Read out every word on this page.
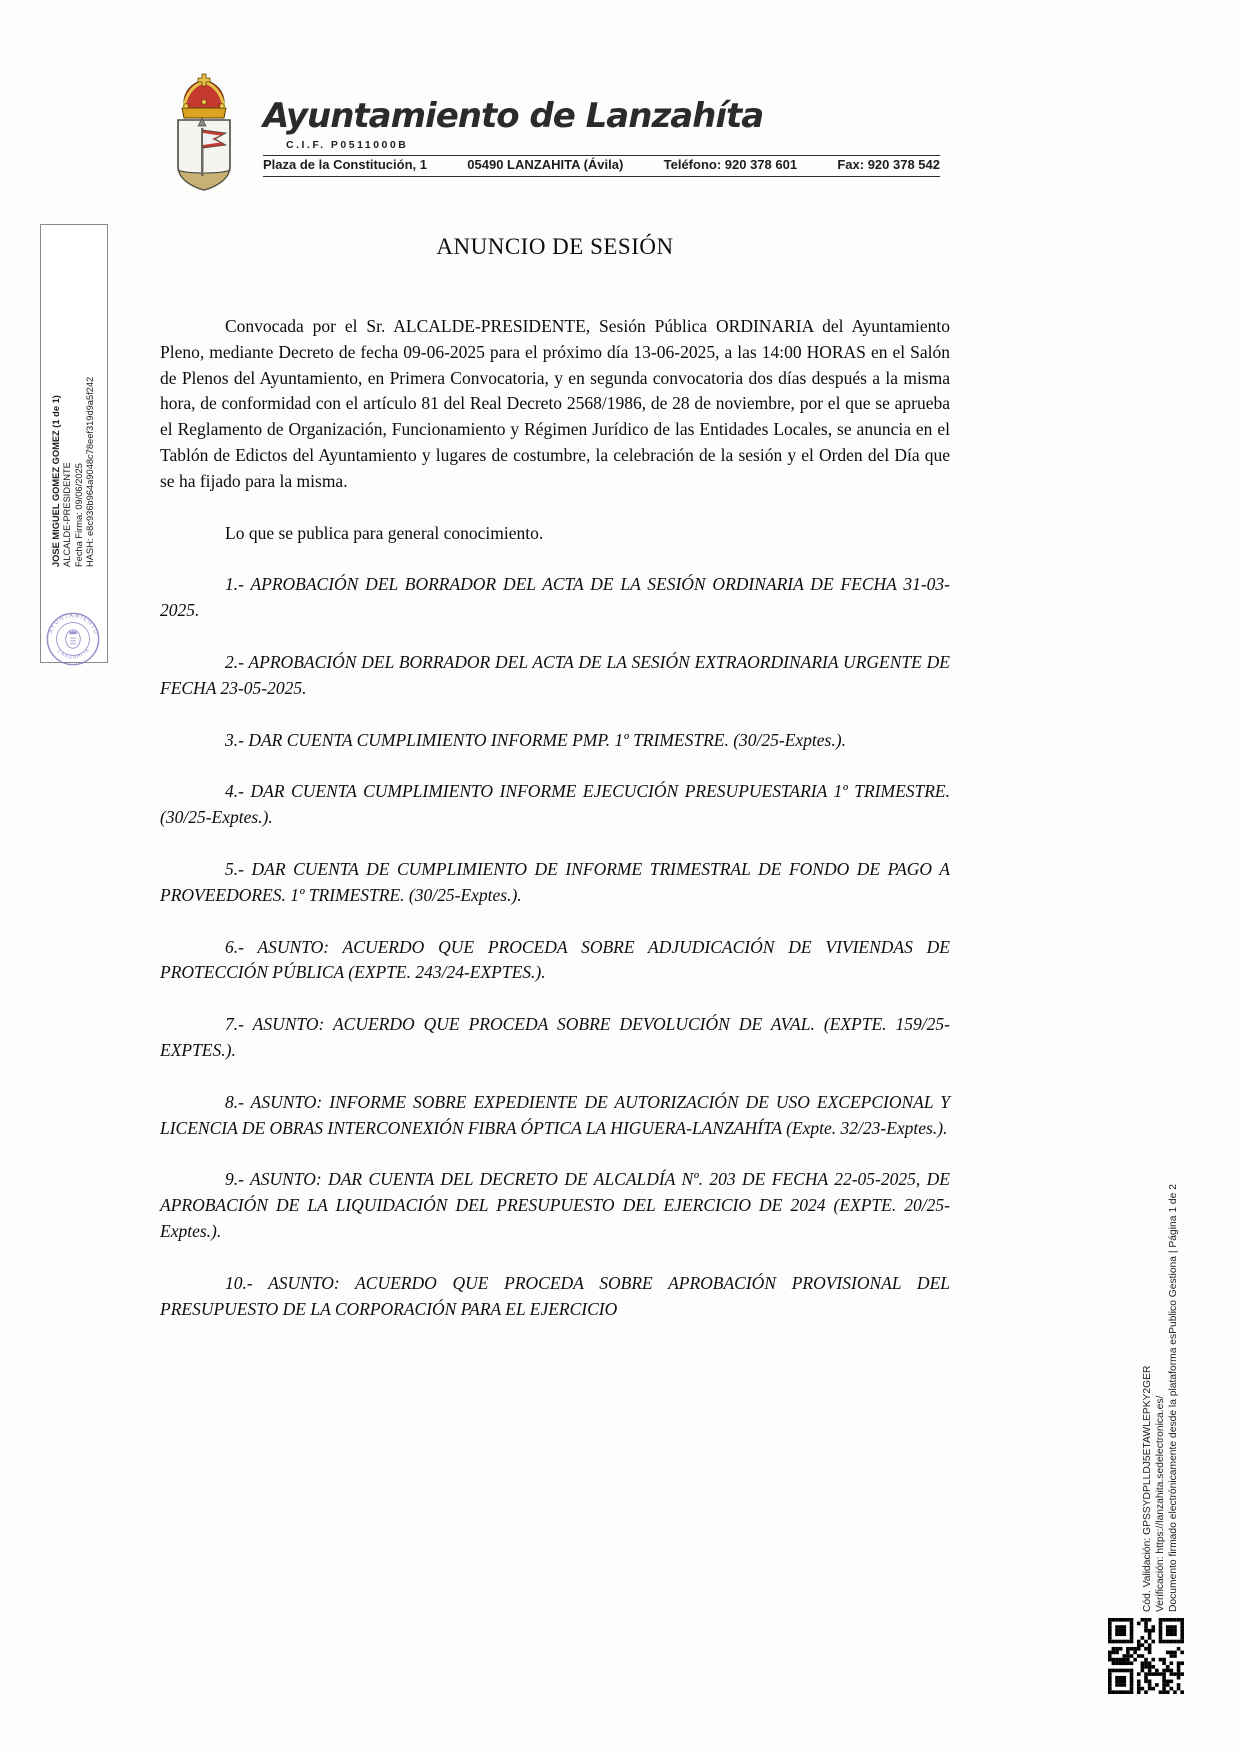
Ayuntamiento de Lanzahíta
C.I.F. P0511000B
Plaza de la Constitución, 1	05490 LANZAHITA (Ávila)	Teléfono: 920 378 601	Fax: 920 378 542
JOSE MIGUEL GOMEZ GOMEZ (1 de 1) ALCALDE-PRESIDENTE Fecha Firma: 09/06/2025 HASH: e8c936b964a9048c78eef319d9a5f242
AYUNTAMIENTO
LANZAHITA
ANUNCIO DE SESIÓN

Convocada por el Sr. ALCALDE-PRESIDENTE, Sesión Pública ORDINARIA del Ayuntamiento Pleno, mediante Decreto de fecha 09-06-2025 para el próximo día 13-06-2025, a las 14:00 HORAS en el Salón de Plenos del Ayuntamiento, en Primera Convocatoria, y en segunda convocatoria dos días después a la misma hora, de conformidad con el artículo 81 del Real Decreto 2568/1986, de 28 de noviembre, por el que se aprueba el Reglamento de Organización, Funcionamiento y Régimen Jurídico de las Entidades Locales, se anuncia en el Tablón de Edictos del Ayuntamiento y lugares de costumbre, la celebración de la sesión y el Orden del Día que se ha fijado para la misma.

Lo que se publica para general conocimiento.

1.- APROBACIÓN DEL BORRADOR DEL ACTA DE LA SESIÓN ORDINARIA DE FECHA 31-03-2025.

2.- APROBACIÓN DEL BORRADOR DEL ACTA DE LA SESIÓN EXTRAORDINARIA URGENTE DE FECHA 23-05-2025.

3.- DAR CUENTA CUMPLIMIENTO INFORME PMP. 1º TRIMESTRE. (30/25-Exptes.).

4.- DAR CUENTA CUMPLIMIENTO INFORME EJECUCIÓN PRESUPUESTARIA 1º TRIMESTRE. (30/25-Exptes.).

5.- DAR CUENTA DE CUMPLIMIENTO DE INFORME TRIMESTRAL DE FONDO DE PAGO A PROVEEDORES. 1º TRIMESTRE. (30/25-Exptes.).

6.- ASUNTO: ACUERDO QUE PROCEDA SOBRE ADJUDICACIÓN DE VIVIENDAS DE PROTECCIÓN PÚBLICA (EXPTE. 243/24-EXPTES.).

7.- ASUNTO: ACUERDO QUE PROCEDA SOBRE DEVOLUCIÓN DE AVAL. (EXPTE. 159/25-EXPTES.).

8.- ASUNTO: INFORME SOBRE EXPEDIENTE DE AUTORIZACIÓN DE USO EXCEPCIONAL Y LICENCIA DE OBRAS INTERCONEXIÓN FIBRA ÓPTICA LA HIGUERA-LANZAHÍTA (Expte. 32/23-Exptes.).

9.- ASUNTO: DAR CUENTA DEL DECRETO DE ALCALDÍA Nº. 203 DE FECHA 22-05-2025, DE APROBACIÓN DE LA LIQUIDACIÓN DEL PRESUPUESTO DEL EJERCICIO DE 2024 (EXPTE. 20/25-Exptes.).

10.- ASUNTO: ACUERDO QUE PROCEDA SOBRE APROBACIÓN PROVISIONAL DEL PRESUPUESTO DE LA CORPORACIÓN PARA EL EJERCICIO

Cód. Validación: GPSSYDPLLDJ5ETAWLEPKY2GER Verificación: https://lanzahita.sedelectronica.es/ Documento firmado electrónicamente desde la plataforma esPublico Gestiona | Página 1 de 2
